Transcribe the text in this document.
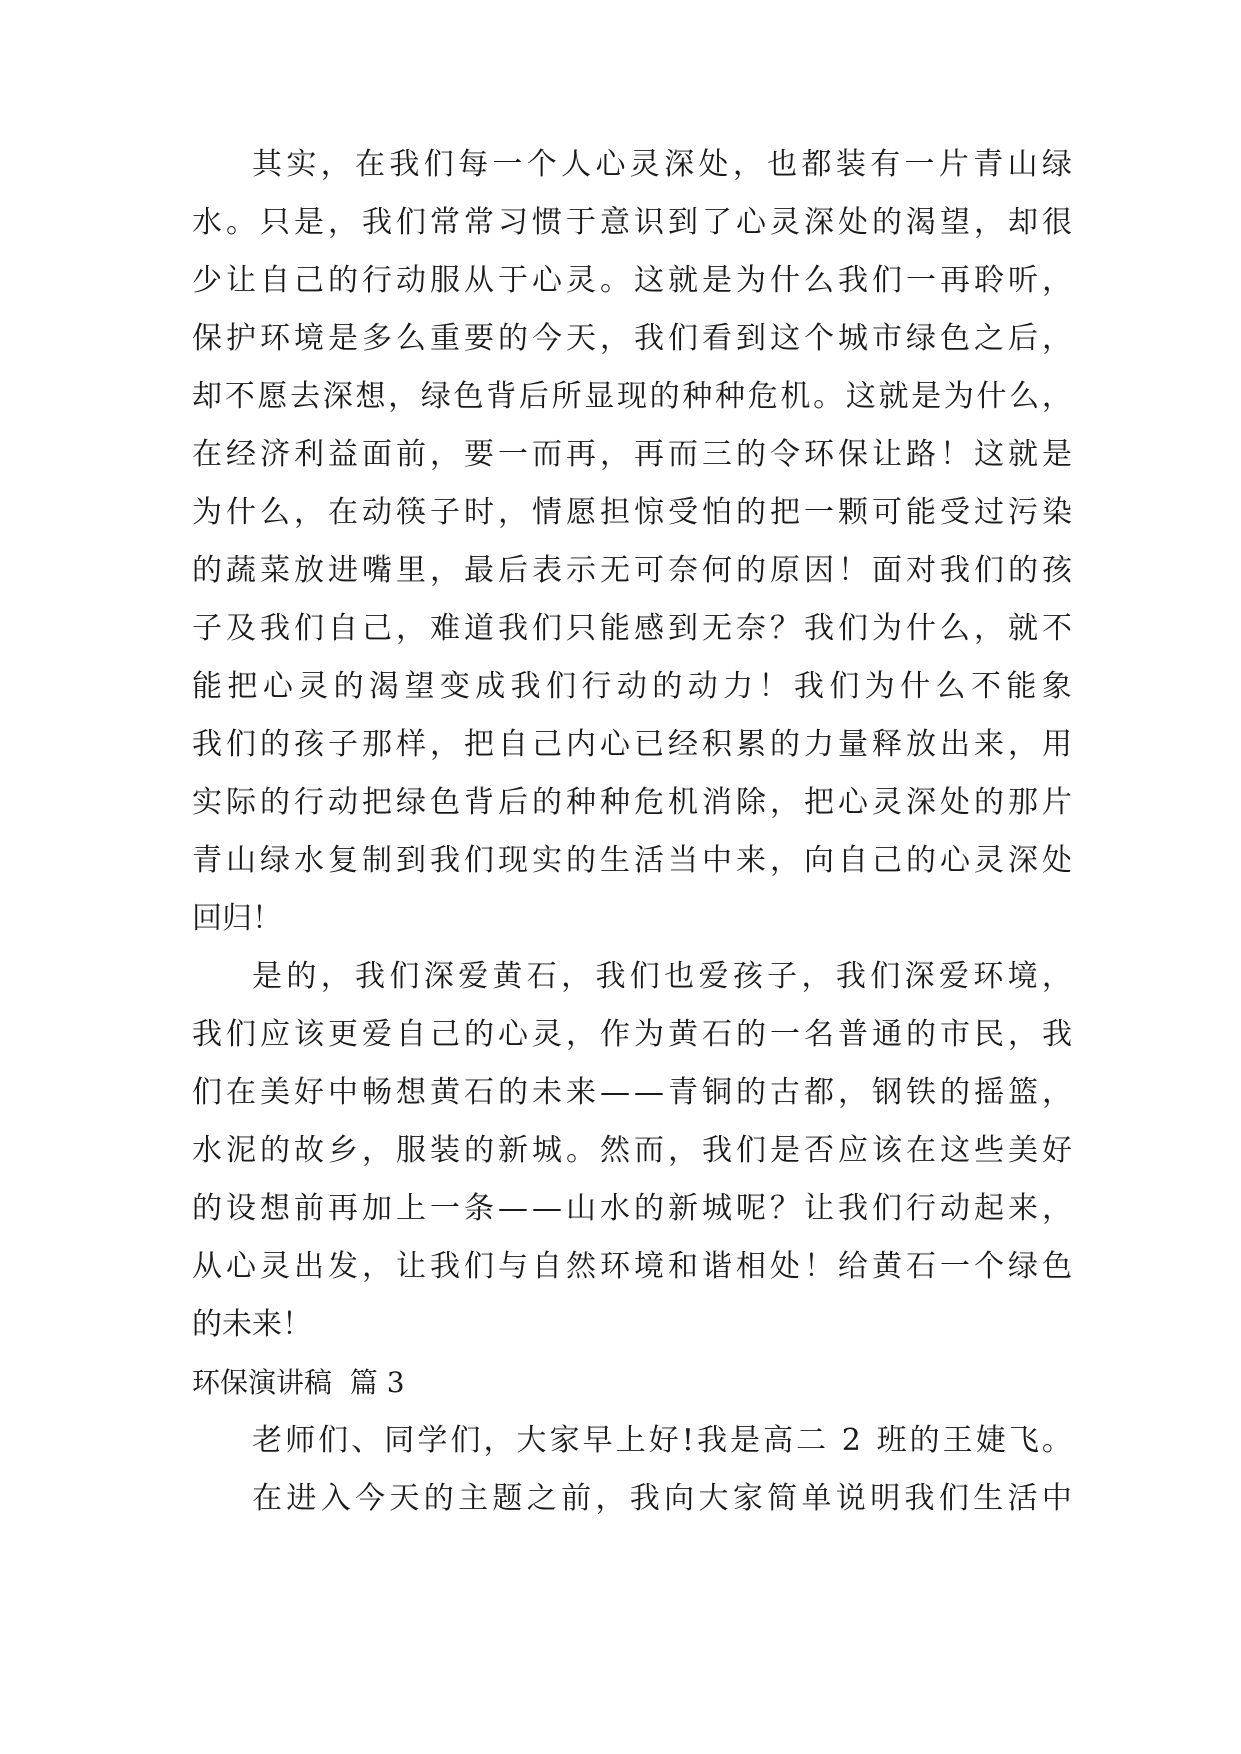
其 实 ， 在 我 们 每 一 个 人 心 灵 深 处 ， 也 都 装 有 一 片 青 山 绿
水 。 只 是 ， 我 们 常 常 习 惯 于 意 识 到 了 心 灵 深 处 的 渴 望 ， 却 很
少 让 自 己 的 行 动 服 从 于 心 灵 。 这 就 是 为 什 么 我 们 一 再 聆 听 ，
保 护 环 境 是 多 么 重 要 的 今 天 ， 我 们 看 到 这 个 城 市 绿 色 之 后 ，
却 不 愿 去 深 想 ， 绿 色 背 后 所 显 现 的 种 种 危 机 。 这 就 是 为 什 么 ，
在 经 济 利 益 面 前 ， 要 一 而 再 ， 再 而 三 的 令 环 保 让 路 ！ 这 就 是
为 什 么 ， 在 动 筷 子 时 ， 情 愿 担 惊 受 怕 的 把 一 颗 可 能 受 过 污 染
的 蔬 菜 放 进 嘴 里 ， 最 后 表 示 无 可 奈 何 的 原 因 ！ 面 对 我 们 的 孩
子 及 我 们 自 己 ， 难 道 我 们 只 能 感 到 无 奈 ？ 我 们 为 什 么 ， 就 不
能 把 心 灵 的 渴 望 变 成 我 们 行 动 的 动 力 ！ 我 们 为 什 么 不 能 象
我 们 的 孩 子 那 样 ， 把 自 己 内 心 已 经 积 累 的 力 量 释 放 出 来 ， 用
实 际 的 行 动 把 绿 色 背 后 的 种 种 危 机 消 除 ， 把 心 灵 深 处 的 那 片
青 山 绿 水 复 制 到 我 们 现 实 的 生 活 当 中 来 ， 向 自 己 的 心 灵 深 处
回归！
是 的 ， 我 们 深 爱 黄 石 ， 我 们 也 爱 孩 子 ， 我 们 深 爱 环 境 ，
我 们 应 该 更 爱 自 己 的 心 灵 ， 作 为 黄 石 的 一 名 普 通 的 市 民 ， 我
们 在 美 好 中 畅 想 黄 石 的 未 来 — — 青 铜 的 古 都 ， 钢 铁 的 摇 篮 ，
水 泥 的 故 乡 ， 服 装 的 新 城 。 然 而 ， 我 们 是 否 应 该 在 这 些 美 好
的 设 想 前 再 加 上 一 条 — — 山 水 的 新 城 呢 ？ 让 我 们 行 动 起 来 ，
从 心 灵 出 发 ， 让 我 们 与 自 然 环 境 和 谐 相 处 ！ 给 黄 石 一 个 绿 色
的未来！
环保演讲稿  篇 3
老 师 们 、 同 学 们 ， 大 家 早 上 好 ! 我 是 高 二
2
班 的 王 婕 飞 。
在 进 入 今 天 的 主 题 之 前 ， 我 向 大 家 简 单 说 明 我 们 生 活 中
